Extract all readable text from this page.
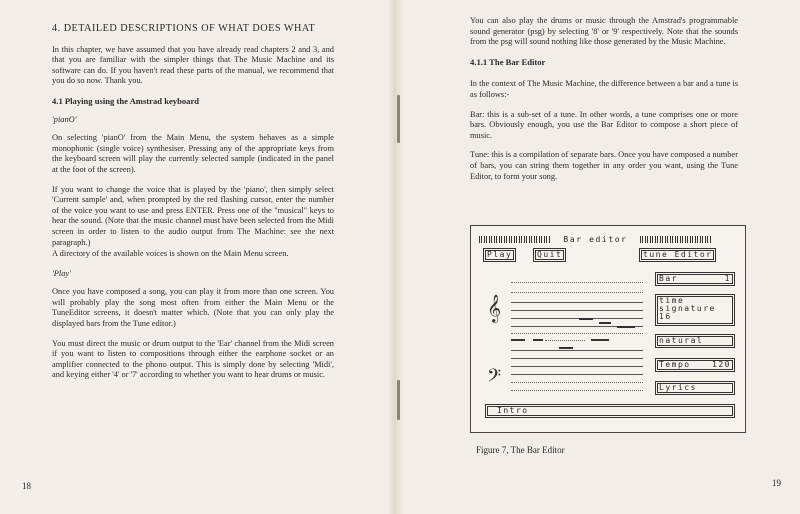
4. DETAILED DESCRIPTIONS OF WHAT DOES WHAT

In this chapter, we have assumed that you have already read chapters 2 and 3, and that you are familiar with the simpler things that The Music Machine and its software can do. If you haven't read these parts of the manual, we recommend that you do so now. Thank you.

4.1 Playing using the Amstrad keyboard
'pianO'

On selecting 'pianO' from the Main Menu, the system behaves as a simple monophonic (single voice) synthesiser. Pressing any of the appropriate keys from the keyboard screen will play the currently selected sample (indicated in the panel at the foot of the screen).

If you want to change the voice that is played by the 'piano', then simply select 'Current sample' and, when prompted by the red flashing cursor, enter the number of the voice you want to use and press ENTER. Press one of the "musical" keys to hear the sound. (Note that the music channel must have been selected from the Midi screen in order to listen to the audio output from The Machine: see the next paragraph.)

A directory of the available voices is shown on the Main Menu screen.

'Play'

Once you have composed a song, you can play it from more than one screen. You will probably play the song most often from either the Main Menu or the TuneEditor screens, it doesn't matter which. (Note that you can only play the displayed bars from the Tune editor.)

You must direct the music or drum output to the 'Ear' channel from the Midi screen if you want to listen to compositions through either the earphone socket or an amplifier connected to the phono output. This is simply done by selecting 'Midi', and keying either '4' or '7' according to whether you want to hear drums or music.

18

You can also play the drums or music through the Amstrad's programmable sound generator (psg) by selecting '8' or '9' respectively. Note that the sounds from the psg will sound nothing like those generated by the Music Machine.

4.1.1 The Bar Editor

In the context of The Music Machine, the difference between a bar and a tune is as follows:-

Bar: this is a sub-set of a tune. In other words, a tune comprises one or more bars. Obviously enough, you use the Bar Editor to compose a short piece of music.

Tune: this is a compilation of separate bars. Once you have composed a number of bars, you can string them together in any order you want, using the Tune Editor, to form your song.

Bar editor
Play	Quit	tune Editor
𝄞
𝄢
Bar	1
time
signature
16
natural
Tempo	120
Lyrics
Intro
Figure 7, The Bar Editor
19
